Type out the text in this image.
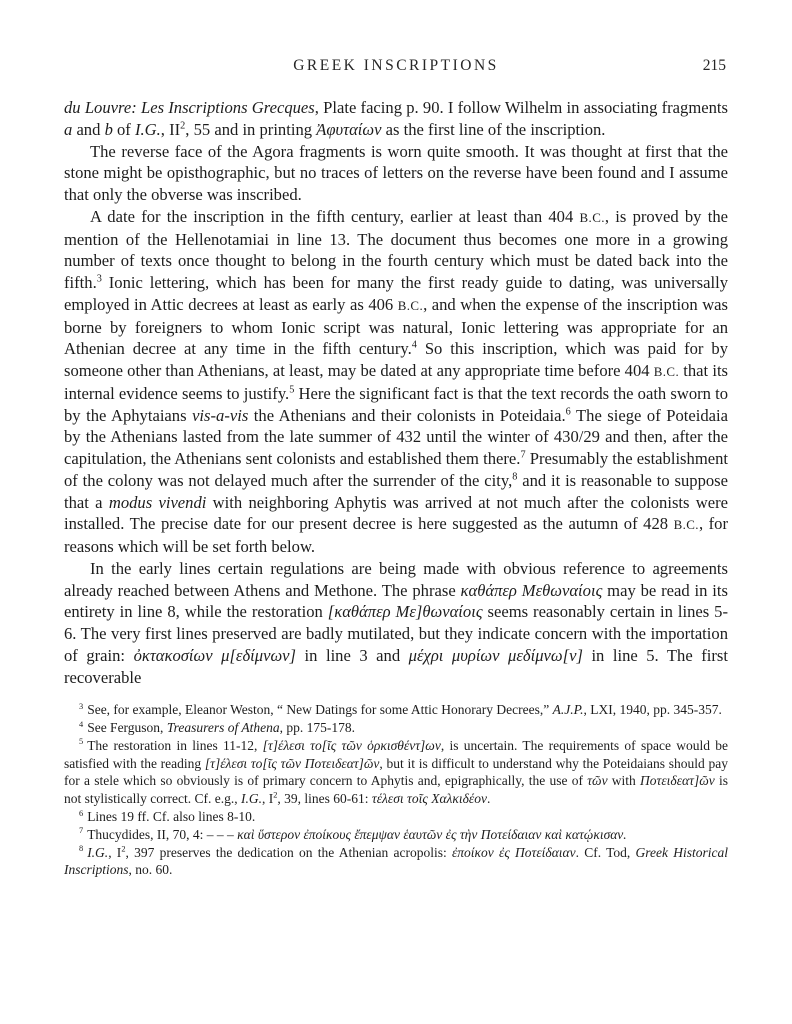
GREEK INSCRIPTIONS	215

du Louvre: Les Inscriptions Grecques, Plate facing p. 90. I follow Wilhelm in associating fragments a and b of I.G., $II^2$, 55 and in printing Ἀφυταίων as the first line of the inscription.

The reverse face of the Agora fragments is worn quite smooth. It was thought at first that the stone might be opisthographic, but no traces of letters on the reverse have been found and I assume that only the obverse was inscribed.

A date for the inscription in the fifth century, earlier at least than 404 B.C., is proved by the mention of the Hellenotamiai in line 13. The document thus becomes one more in a growing number of texts once thought to belong in the fourth century which must be dated back into the fifth.$^3$ Ionic lettering, which has been for many the first ready guide to dating, was universally employed in Attic decrees at least as early as 406 B.C., and when the expense of the inscription was borne by foreigners to whom Ionic script was natural, Ionic lettering was appropriate for an Athenian decree at any time in the fifth century.$^4$ So this inscription, which was paid for by someone other than Athenians, at least, may be dated at any appropriate time before 404 B.C. that its internal evidence seems to justify.$^5$ Here the significant fact is that the text records the oath sworn to by the Aphytaians vis-a-vis the Athenians and their colonists in Poteidaia.$^6$ The siege of Poteidaia by the Athenians lasted from the late summer of 432 until the winter of 430/29 and then, after the capitulation, the Athenians sent colonists and established them there.$^7$ Presumably the establishment of the colony was not delayed much after the surrender of the city,$^8$ and it is reasonable to suppose that a modus vivendi with neighboring Aphytis was arrived at not much after the colonists were installed. The precise date for our present decree is here suggested as the autumn of 428 B.C., for reasons which will be set forth below.

In the early lines certain regulations are being made with obvious reference to agreements already reached between Athens and Methone. The phrase καθάπερ Μεθωναίοις may be read in its entirety in line 8, while the restoration [καθάπερ Με]θωναίοις seems reasonably certain in lines 5-6. The very first lines preserved are badly mutilated, but they indicate concern with the importation of grain: ὀκτακοσίων μ[εδίμνων] in line 3 and μέχρι μυρίων μεδίμνω[ν] in line 5. The first recoverable

$^3$ See, for example, Eleanor Weston, “ New Datings for some Attic Honorary Decrees,” A.J.P., LXI, 1940, pp. 345-357.

$^4$ See Ferguson, Treasurers of Athena, pp. 175-178.

$^5$ The restoration in lines 11-12, [τ]έλεσι το[ῖς τῶν ὁρκισθέντ]ων, is uncertain. The requirements of space would be satisfied with the reading [τ]έλεσι το[ῖς τῶν Ποτειδεατ]ῶν, but it is difficult to understand why the Poteidaians should pay for a stele which so obviously is of primary concern to Aphytis and, epigraphically, the use of τῶν with Ποτειδεατ]ῶν is not stylistically correct. Cf. e.g., I.G., $I^2$, 39, lines 60-61: τέλεσι τοῖς Χαλκιδέον.

$^6$ Lines 19 ff. Cf. also lines 8-10.

$^7$ Thucydides, II, 70, 4: – – – καὶ ὕστερον ἐποίκους ἔπεμψαν ἑαυτῶν ἐς τὴν Ποτείδαιαν καὶ κατῴκισαν.

$^8$ I.G., $I^2$, 397 preserves the dedication on the Athenian acropolis: ἐποίκον ἐς Ποτείδαιαν. Cf. Tod, Greek Historical Inscriptions, no. 60.
